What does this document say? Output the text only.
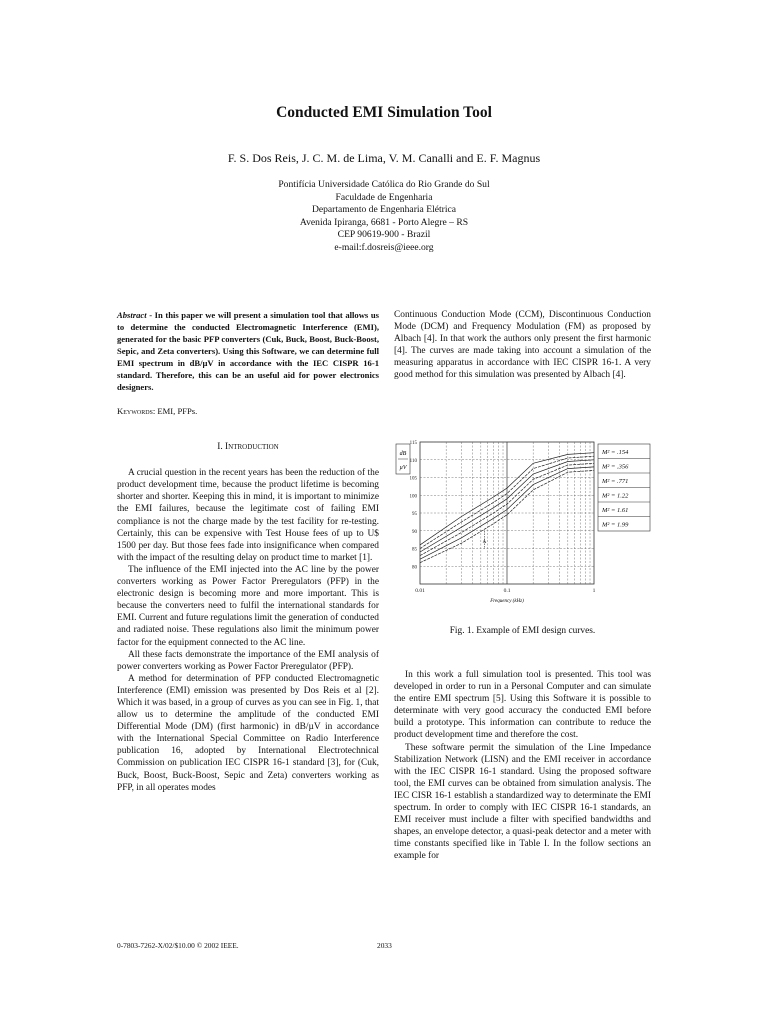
Conducted EMI Simulation Tool
F. S. Dos Reis, J. C. M. de Lima, V. M. Canalli and E. F. Magnus
Pontifícia Universidade Católica do Rio Grande do Sul
Faculdade de Engenharia
Departamento de Engenharia Elétrica
Avenida Ipiranga, 6681 - Porto Alegre – RS
CEP 90619-900 - Brazil
e-mail:f.dosreis@ieee.org

Abstract - In this paper we will present a simulation tool that allows us to determine the conducted Electromagnetic Interference (EMI), generated for the basic PFP converters (Cuk, Buck, Boost, Buck-Boost, Sepic, and Zeta converters). Using this Software, we can determine full EMI spectrum in dB/µV in accordance with the IEC CISPR 16-1 standard. Therefore, this can be an useful aid for power electronics designers.

Keywords: EMI, PFPs.

I. Introduction

A crucial question in the recent years has been the reduction of the product development time, because the product lifetime is becoming shorter and shorter. Keeping this in mind, it is important to minimize the EMI failures, because the legitimate cost of failing EMI compliance is not the charge made by the test facility for re-testing. Certainly, this can be expensive with Test House fees of up to U$ 1500 per day. But those fees fade into insignificance when compared with the impact of the resulting delay on product time to market [1].

The influence of the EMI injected into the AC line by the power converters working as Power Factor Preregulators (PFP) in the electronic design is becoming more and more important. This is because the converters need to fulfil the international standards for EMI. Current and future regulations limit the generation of conducted and radiated noise. These regulations also limit the minimum power factor for the equipment connected to the AC line.

All these facts demonstrate the importance of the EMI analysis of power converters working as Power Factor Preregulator (PFP).

A method for determination of PFP conducted Electromagnetic Interference (EMI) emission was presented by Dos Reis et al [2]. Which it was based, in a group of curves as you can see in Fig. 1, that allow us to determine the amplitude of the conducted EMI Differential Mode (DM) (first harmonic) in dB/µV in accordance with the International Special Committee on Radio Interference publication 16, adopted by International Electrotechnical Commission on publication IEC CISPR 16-1 standard [3], for (Cuk, Buck, Boost, Buck-Boost, Sepic and Zeta) converters working as PFP, in all operates modes

Continuous Conduction Mode (CCM), Discontinuous Conduction Mode (DCM) and Frequency Modulation (FM) as proposed by Albach [4]. In that work the authors only present the first harmonic [4]. The curves are made taking into account a simulation of the measuring apparatus in accordance with IEC CISPR 16-1. A very good method for this simulation was presented by Albach [4].

115
110
105
100
95
90
85
80
0.01	0.1	1
dB
µV
Frequency (kHz)
M² = .154
M² = .356
M² = .771
M² = 1.22
M² = 1.61
M² = 1.99
A
Fig. 1. Example of EMI design curves.

In this work a full simulation tool is presented. This tool was developed in order to run in a Personal Computer and can simulate the entire EMI spectrum [5]. Using this Software it is possible to determinate with very good accuracy the conducted EMI before build a prototype. This information can contribute to reduce the product development time and therefore the cost.

These software permit the simulation of the Line Impedance Stabilization Network (LISN) and the EMI receiver in accordance with the IEC CISPR 16-1 standard. Using the proposed software tool, the EMI curves can be obtained from simulation analysis. The IEC CISR 16-1 establish a standardized way to determinate the EMI spectrum. In order to comply with IEC CISPR 16-1 standards, an EMI receiver must include a filter with specified bandwidths and shapes, an envelope detector, a quasi-peak detector and a meter with time constants specified like in Table I. In the follow sections an example for

0-7803-7262-X/02/$10.00 © 2002 IEEE.	2033
